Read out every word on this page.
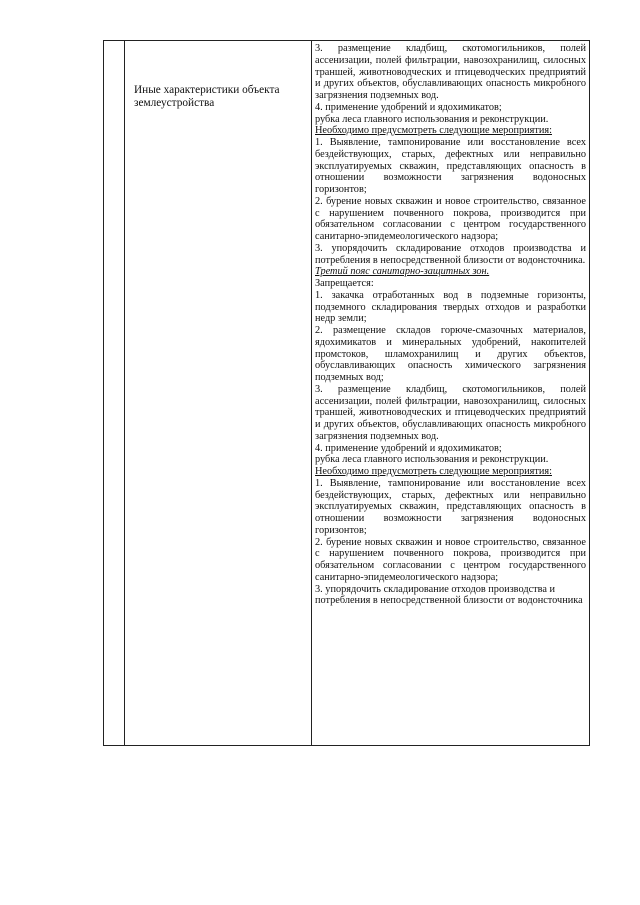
Иные характеристики объекта землеустройства

3. размещение кладбищ, скотомогильников, полей ассенизации, полей фильтрации, навозохранилищ, силосных траншей, животноводческих и птицеводческих предприятий и других объектов, обуславливающих опасность микробного загрязнения подземных вод.

4. применение удобрений и ядохимикатов;

рубка леса главного использования и реконструкции.

Необходимо предусмотреть следующие мероприятия:

1. Выявление, тампонирование или восстановление всех бездействующих, старых, дефектных или неправильно эксплуатируемых скважин, представляющих опасность в отношении возможности загрязнения водоносных горизонтов;

2. бурение новых скважин и новое строительство, связанное с нарушением почвенного покрова, производится при обязательном согласовании с центром государственного санитарно-эпидемеологического надзора;

3. упорядочить складирование отходов производства и потребления в непосредственной близости от водонсточника.

Третий пояс санитарно-защитных зон.

Запрещается:

1. закачка отработанных вод в подземные горизонты, подземного складирования твердых отходов и разработки недр земли;

2. размещение складов горюче-смазочных материалов, ядохимикатов и минеральных удобрений, накопителей промстоков, шламохранилищ и других объектов, обуславливающих опасность химического загрязнения подземных вод;

3. размещение кладбищ, скотомогильников, полей ассенизации, полей фильтрации, навозохранилищ, силосных траншей, животноводческих и птицеводческих предприятий и других объектов, обуславливающих опасность микробного загрязнения подземных вод.

4. применение удобрений и ядохимикатов;

рубка леса главного использования и реконструкции.

Необходимо предусмотреть следующие мероприятия:

1. Выявление, тампонирование или восстановление всех бездействующих, старых, дефектных или неправильно эксплуатируемых скважин, представляющих опасность в отношении возможности загрязнения водоносных горизонтов;

2. бурение новых скважин и новое строительство, связанное с нарушением почвенного покрова, производится при обязательном согласовании с центром государственного санитарно-эпидемеологического надзора;

3. упорядочить складирование отходов производства и потребления в непосредственной близости от водонсточника
